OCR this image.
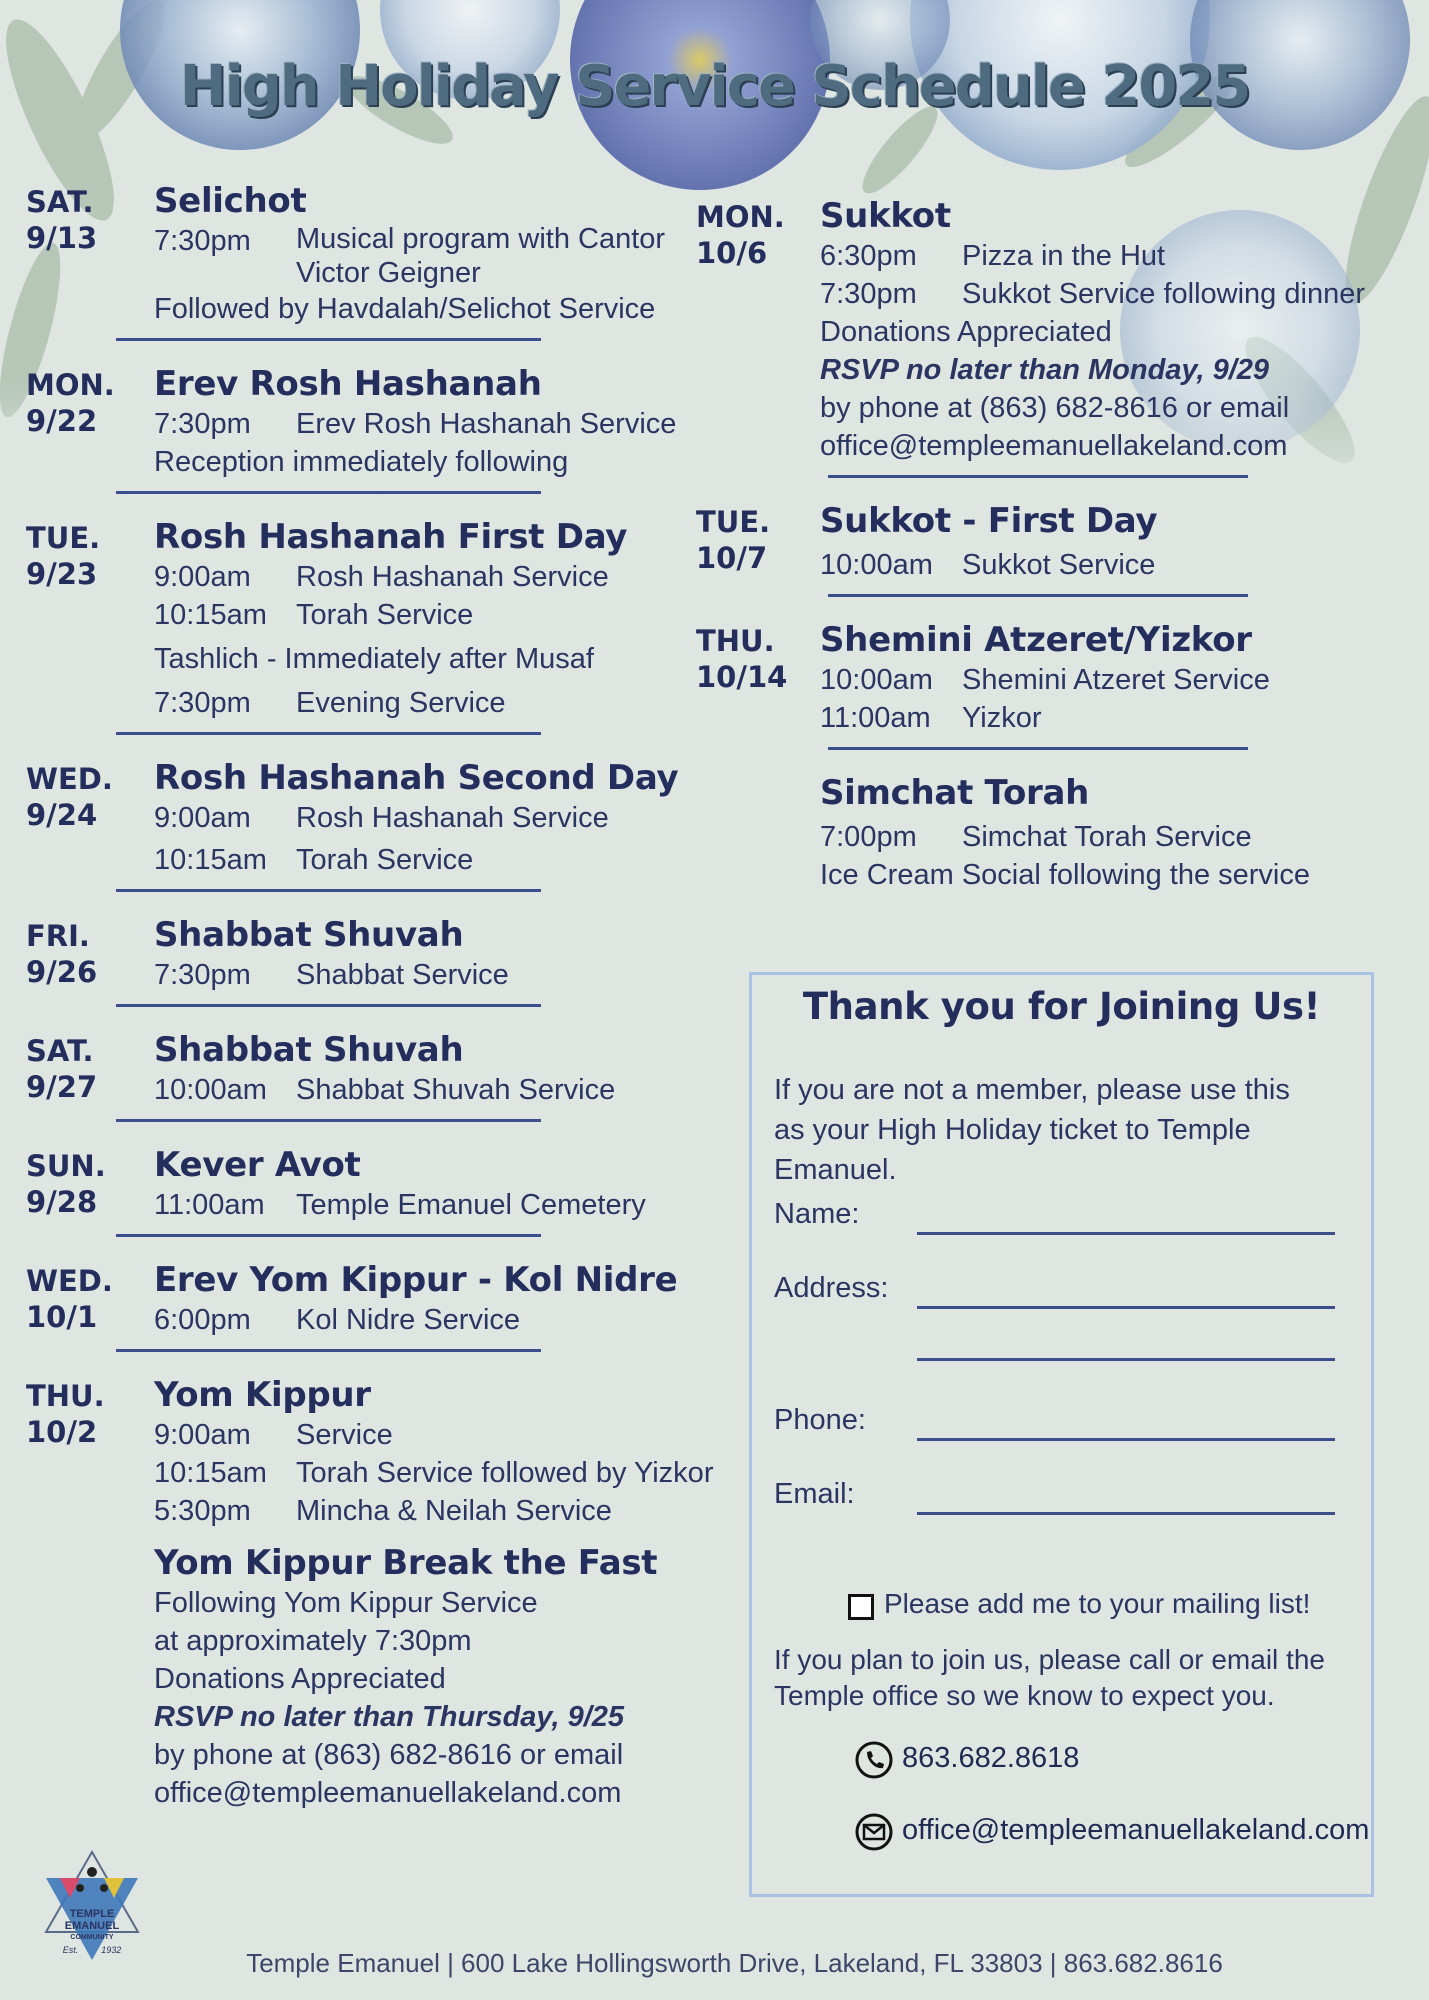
High Holiday Service Schedule 2025
SAT.
9/13
Selichot
7:30pm	Musical program with Cantor Victor Geigner
Followed by Havdalah/Selichot Service
MON.
9/22
Erev Rosh Hashanah
7:30pm	Erev Rosh Hashanah Service
Reception immediately following
TUE.
9/23
Rosh Hashanah First Day
9:00am	Rosh Hashanah Service
10:15am	Torah Service
Tashlich - Immediately after Musaf
7:30pm	Evening Service
WED.
9/24
Rosh Hashanah Second Day
9:00am	Rosh Hashanah Service
10:15am	Torah Service
FRI.
9/26
Shabbat Shuvah
7:30pm	Shabbat Service
SAT.
9/27
Shabbat Shuvah
10:00am	Shabbat Shuvah Service
SUN.
9/28
Kever Avot
11:00am	Temple Emanuel Cemetery
WED.
10/1
Erev Yom Kippur - Kol Nidre
6:00pm	Kol Nidre Service
THU.
10/2
Yom Kippur
9:00am	Service
10:15am	Torah Service followed by Yizkor
5:30pm	Mincha & Neilah Service
Yom Kippur Break the Fast
Following Yom Kippur Service
at approximately 7:30pm
Donations Appreciated
RSVP no later than Thursday, 9/25
by phone at (863) 682-8616 or email
office@templeemanuellakeland.com
MON.
10/6
Sukkot
6:30pm	Pizza in the Hut
7:30pm	Sukkot Service following dinner
Donations Appreciated
RSVP no later than Monday, 9/29
by phone at (863) 682-8616 or email
office@templeemanuellakeland.com
TUE.
10/7
Sukkot - First Day
10:00am	Sukkot Service
THU.
10/14
Shemini Atzeret/Yizkor
10:00am	Shemini Atzeret Service
11:00am	Yizkor
Simchat Torah
7:00pm	Simchat Torah Service
Ice Cream Social following the service
Thank you for Joining Us!
If you are not a member, please use this as your High Holiday ticket to Temple Emanuel.
Name:
Address:
Phone:
Email:
Please add me to your mailing list!
If you plan to join us, please call or email the Temple office so we know to expect you.
863.682.8618
office@templeemanuellakeland.com
TEMPLE
EMANUEL
COMMUNITY
Est.	1932	Temple Emanuel | 600 Lake Hollingsworth Drive, Lakeland, FL 33803 | 863.682.8616
